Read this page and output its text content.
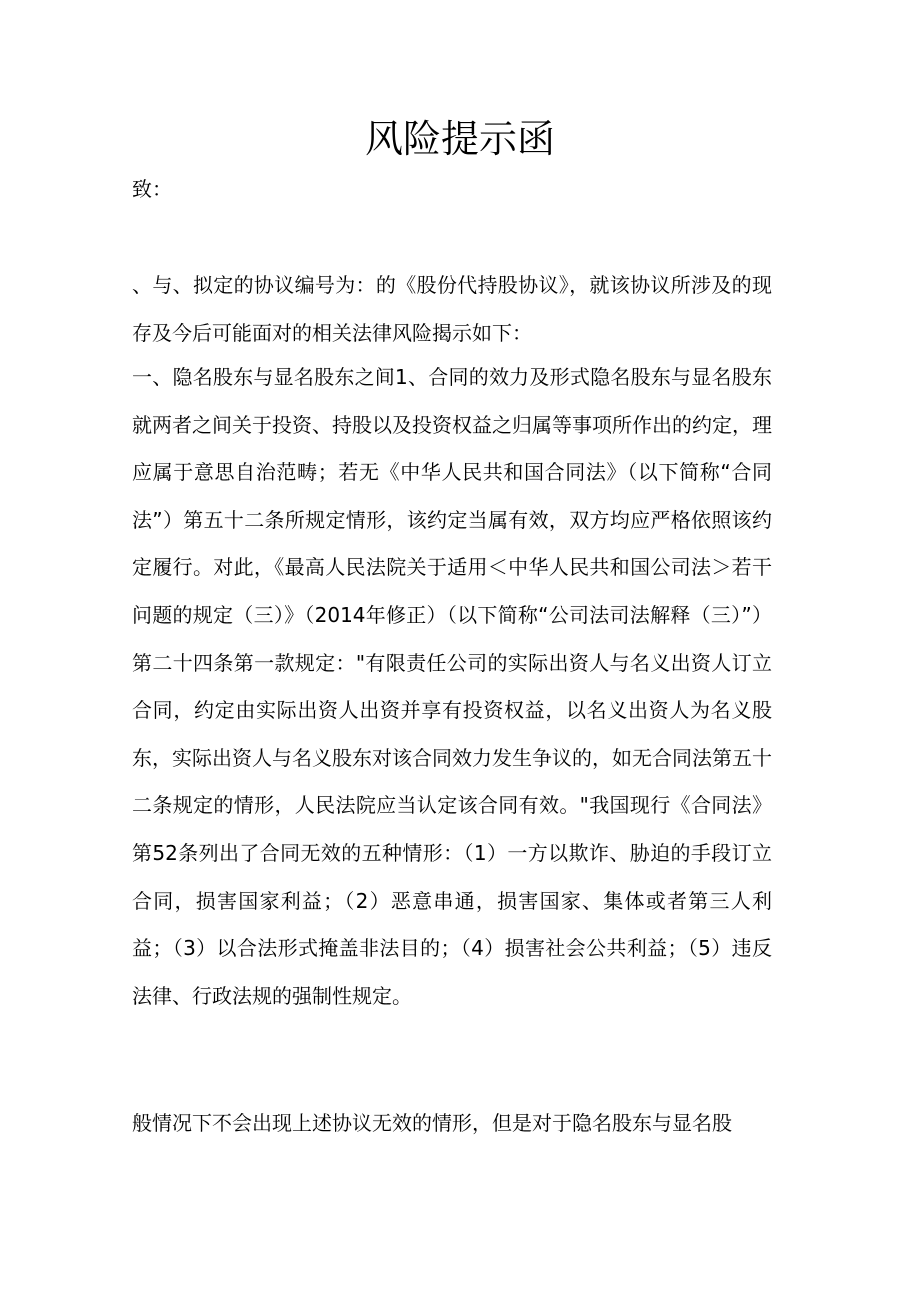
风险提示函

致：

、与、拟定的协议编号为：的《股份代持股协议》，就该协议所涉及的现存及今后可能面对的相关法律风险揭示如下：

一、隐名股东与显名股东之间1、合同的效力及形式隐名股东与显名股东就两者之间关于投资、持股以及投资权益之归属等事项所作出的约定，理应属于意思自治范畴；若无《中华人民共和国合同法》（以下简称“合同法”）第五十二条所规定情形，该约定当属有效，双方均应严格依照该约定履行。对此，《最高人民法院关于适用＜中华人民共和国公司法＞若干问题的规定（三）》（2014年修正）（以下简称“公司法司法解释（三）”）第二十四条第一款规定："有限责任公司的实际出资人与名义出资人订立合同，约定由实际出资人出资并享有投资权益，以名义出资人为名义股东，实际出资人与名义股东对该合同效力发生争议的，如无合同法第五十二条规定的情形，人民法院应当认定该合同有效。"我国现行《合同法》第52条列出了合同无效的五种情形：（1）一方以欺诈、胁迫的手段订立合同，损害国家利益；（2）恶意串通，损害国家、集体或者第三人利益；（3）以合法形式掩盖非法目的；（4）损害社会公共利益；（5）违反法律、行政法规的强制性规定。

般情况下不会出现上述协议无效的情形，但是对于隐名股东与显名股
